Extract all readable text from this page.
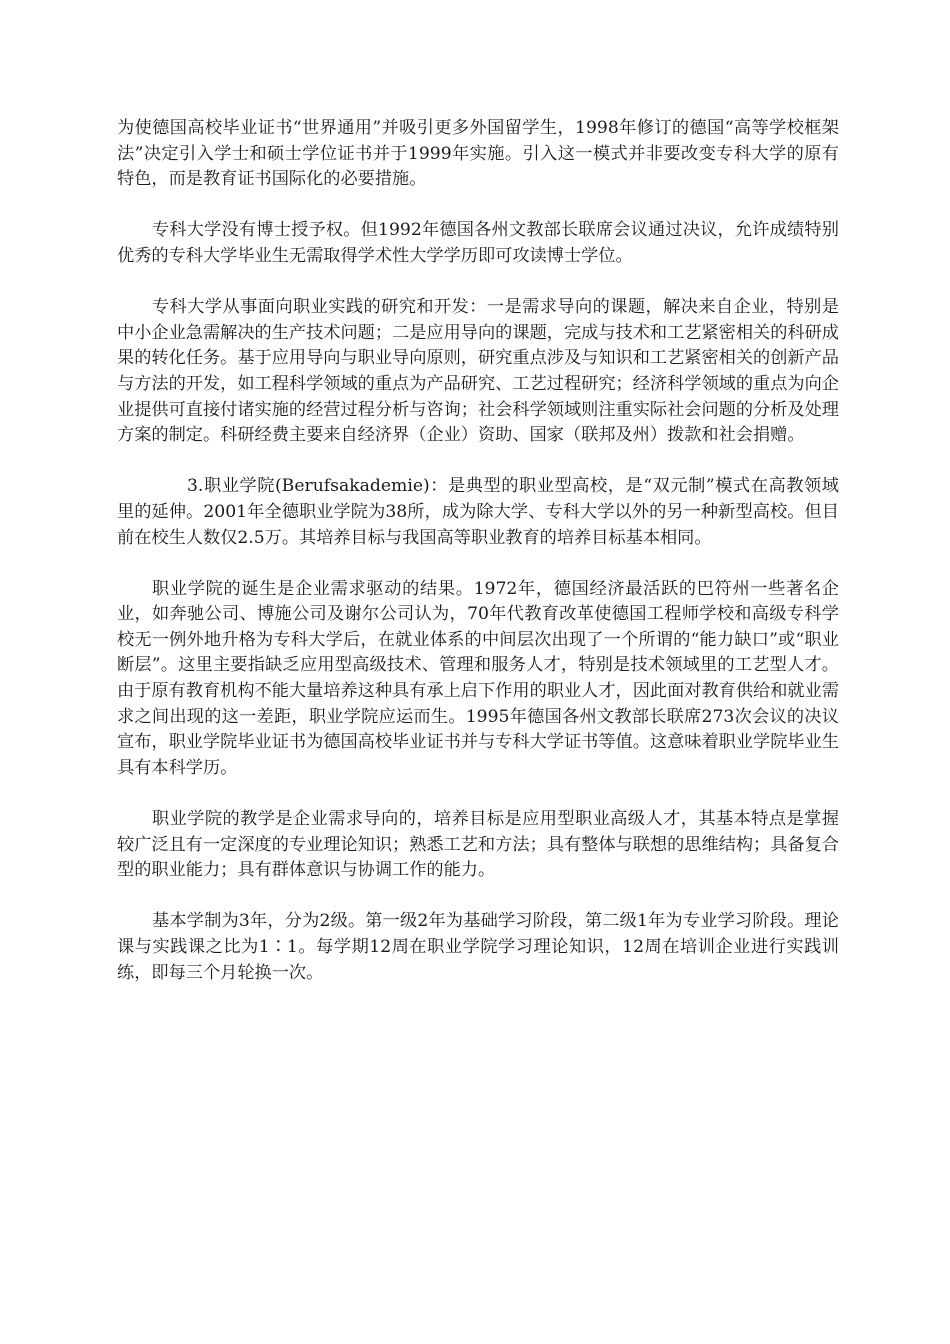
为使德国高校毕业证书“世界通用”并吸引更多外国留学生，1998年修订的德国“高等学校框架法”决定引入学士和硕士学位证书并于1999年实施。引入这一模式并非要改变专科大学的原有特色，而是教育证书国际化的必要措施。

专科大学没有博士授予权。但1992年德国各州文教部长联席会议通过决议，允许成绩特别优秀的专科大学毕业生无需取得学术性大学学历即可攻读博士学位。

专科大学从事面向职业实践的研究和开发：一是需求导向的课题，解决来自企业，特别是中小企业急需解决的生产技术问题；二是应用导向的课题，完成与技术和工艺紧密相关的科研成果的转化任务。基于应用导向与职业导向原则，研究重点涉及与知识和工艺紧密相关的创新产品与方法的开发，如工程科学领域的重点为产品研究、工艺过程研究；经济科学领域的重点为向企业提供可直接付诸实施的经营过程分析与咨询；社会科学领域则注重实际社会问题的分析及处理方案的制定。科研经费主要来自经济界（企业）资助、国家（联邦及州）拨款和社会捐赠。

3.职业学院(Berufsakademie)：是典型的职业型高校，是“双元制”模式在高教领域里的延伸。2001年全德职业学院为38所，成为除大学、专科大学以外的另一种新型高校。但目前在校生人数仅2.5万。其培养目标与我国高等职业教育的培养目标基本相同。

职业学院的诞生是企业需求驱动的结果。1972年，德国经济最活跃的巴符州一些著名企业，如奔驰公司、博施公司及谢尔公司认为，70年代教育改革使德国工程师学校和高级专科学校无一例外地升格为专科大学后，在就业体系的中间层次出现了一个所谓的“能力缺口”或“职业断层”。这里主要指缺乏应用型高级技术、管理和服务人才，特别是技术领域里的工艺型人才。由于原有教育机构不能大量培养这种具有承上启下作用的职业人才，因此面对教育供给和就业需求之间出现的这一差距，职业学院应运而生。1995年德国各州文教部长联席273次会议的决议宣布，职业学院毕业证书为德国高校毕业证书并与专科大学证书等值。这意味着职业学院毕业生具有本科学历。

职业学院的教学是企业需求导向的，培养目标是应用型职业高级人才，其基本特点是掌握较广泛且有一定深度的专业理论知识；熟悉工艺和方法；具有整体与联想的思维结构；具备复合型的职业能力；具有群体意识与协调工作的能力。

基本学制为3年，分为2级。第一级2年为基础学习阶段，第二级1年为专业学习阶段。理论课与实践课之比为1∶1。每学期12周在职业学院学习理论知识，12周在培训企业进行实践训练，即每三个月轮换一次。
